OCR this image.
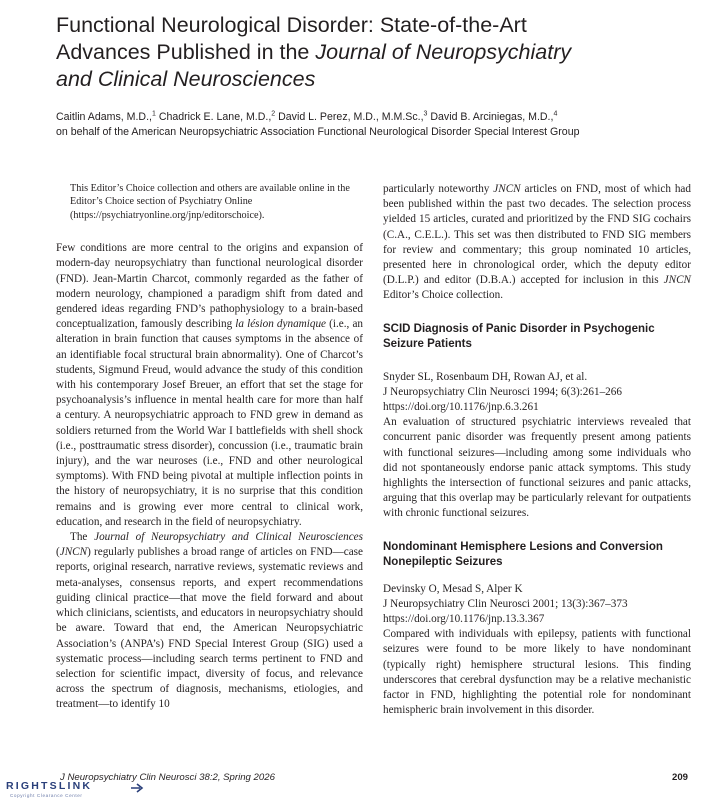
Functional Neurological Disorder: State-of-the-Art
Advances Published in the Journal of Neuropsychiatry
and Clinical Neurosciences
Caitlin Adams, M.D.,$^1$ Chadrick E. Lane, M.D.,$^2$ David L. Perez, M.D., M.M.Sc.,$^3$ David B. Arciniegas, M.D.,$^4$
on behalf of the American Neuropsychiatric Association Functional Neurological Disorder Special Interest Group

This Editor’s Choice collection and others are available online in the Editor’s Choice section of Psychiatry Online (https://psychiatryonline.org/jnp/editorschoice).

Few conditions are more central to the origins and expansion of modern-day neuropsychiatry than functional neurological disorder (FND). Jean-Martin Charcot, commonly regarded as the father of modern neurology, championed a paradigm shift from dated and gendered ideas regarding FND’s pathophysiology to a brain-based conceptualization, famously describing la lésion dynamique (i.e., an alteration in brain function that causes symptoms in the absence of an identifiable focal structural brain abnormality). One of Charcot’s students, Sigmund Freud, would advance the study of this condition with his contemporary Josef Breuer, an effort that set the stage for psychoanalysis’s influence in mental health care for more than half a century. A neuropsychiatric approach to FND grew in demand as soldiers returned from the World War I battlefields with shell shock (i.e., posttraumatic stress disorder), concussion (i.e., traumatic brain injury), and the war neuroses (i.e., FND and other neurological symptoms). With FND being pivotal at multiple inflection points in the history of neuropsychiatry, it is no surprise that this condition remains and is growing ever more central to clinical work, education, and research in the field of neuropsychiatry.

The Journal of Neuropsychiatry and Clinical Neurosciences (JNCN) regularly publishes a broad range of articles on FND—case reports, original research, narrative reviews, systematic reviews and meta-analyses, consensus reports, and expert recommendations guiding clinical practice—that move the field forward and about which clinicians, scientists, and educators in neuropsychiatry should be aware. Toward that end, the American Neuropsychiatric Association’s (ANPA’s) FND Special Interest Group (SIG) used a systematic process—including search terms pertinent to FND and selection for scientific impact, diversity of focus, and relevance across the spectrum of diagnosis, mechanisms, etiologies, and treatment—to identify 10

particularly noteworthy JNCN articles on FND, most of which had been published within the past two decades. The selection process yielded 15 articles, curated and prioritized by the FND SIG cochairs (C.A., C.E.L.). This set was then distributed to FND SIG members for review and commentary; this group nominated 10 articles, presented here in chronological order, which the deputy editor (D.L.P.) and editor (D.B.A.) accepted for inclusion in this JNCN Editor’s Choice collection.

SCID Diagnosis of Panic Disorder in Psychogenic Seizure Patients

Snyder SL, Rosenbaum DH, Rowan AJ, et al.

J Neuropsychiatry Clin Neurosci 1994; 6(3):261–266

https://doi.org/10.1176/jnp.6.3.261

An evaluation of structured psychiatric interviews revealed that concurrent panic disorder was frequently present among patients with functional seizures—including among some individuals who did not spontaneously endorse panic attack symptoms. This study highlights the intersection of functional seizures and panic attacks, arguing that this overlap may be particularly relevant for outpatients with chronic functional seizures.

Nondominant Hemisphere Lesions and Conversion Nonepileptic Seizures

Devinsky O, Mesad S, Alper K

J Neuropsychiatry Clin Neurosci 2001; 13(3):367–373

https://doi.org/10.1176/jnp.13.3.367

Compared with individuals with epilepsy, patients with functional seizures were found to be more likely to have nondominant (typically right) hemisphere structural lesions. This finding underscores that cerebral dysfunction may be a relative mechanistic factor in FND, highlighting the potential role for nondominant hemispheric brain involvement in this disorder.

J Neuropsychiatry Clin Neurosci 38:2, Spring 2026	209
RIGHTSLINK
Copyright Clearance Center
